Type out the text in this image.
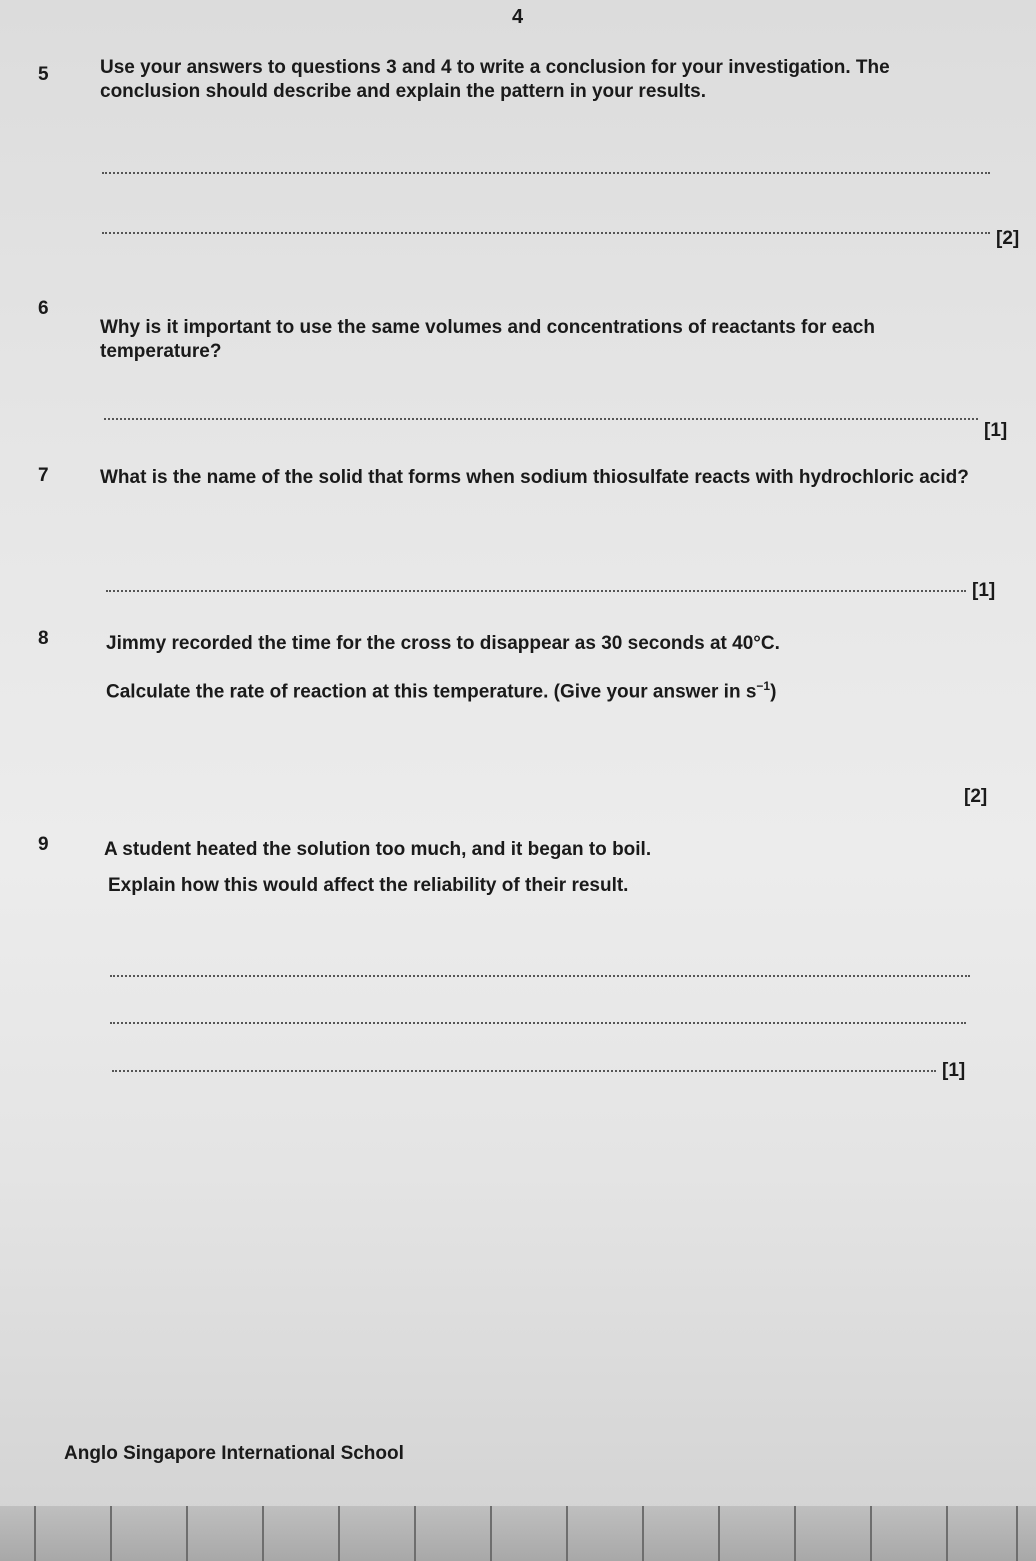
4
5	Use your answers to questions 3 and 4 to write a conclusion for your investigation. The conclusion should describe and explain the pattern in your results.
[2]
6
Why is it important to use the same volumes and concentrations of reactants for each temperature?
[1]
7	What is the name of the solid that forms when sodium thiosulfate reacts with hydrochloric acid?
[1]
8	Jimmy recorded the time for the cross to disappear as 30 seconds at 40°C.
Calculate the rate of reaction at this temperature. (Give your answer in $s^{-1}$)
[2]
9	A student heated the solution too much, and it began to boil.
Explain how this would affect the reliability of their result.
[1]
Anglo Singapore International School
